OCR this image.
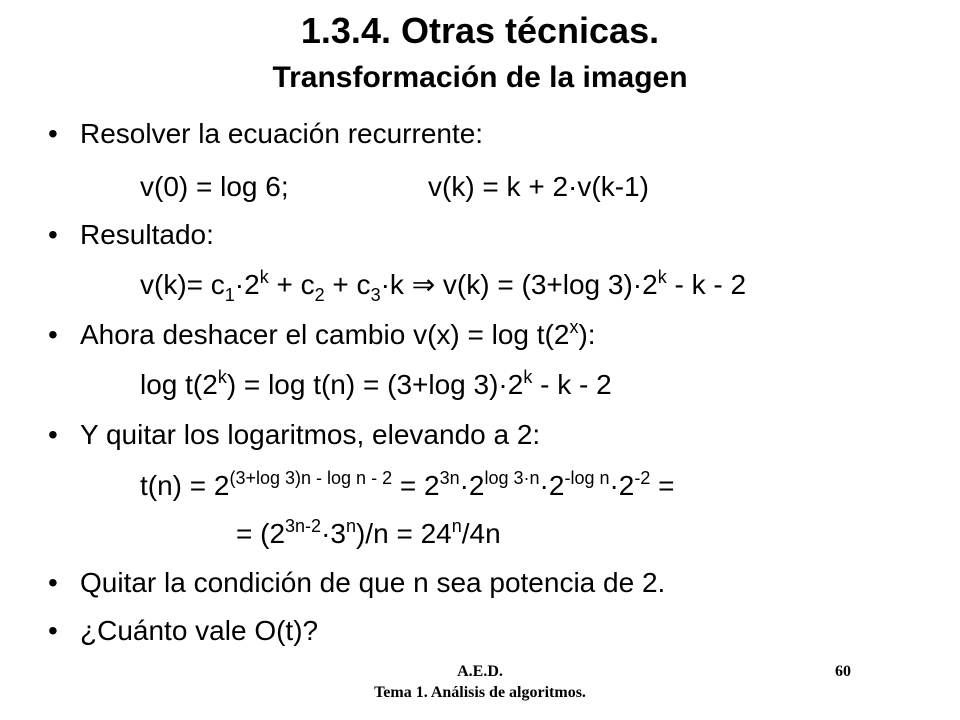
1.3.4. Otras técnicas.
Transformación de la imagen
• Resolver la ecuación recurrente:
v(0) = log 6;	v(k) = k + 2·v(k-1)
• Resultado:
$v(k)= c_1\cdot 2^k + c_2 + c_3\cdot k$ ⇒ v(k) = (3+log $3)\cdot 2^k - k - 2$
• Ahora deshacer el cambio v(x) = log t(2$^x$):
$\log t(2^k) = \log t(n) = (3+\log$ $3)\cdot 2^k - k - 2$
• Y quitar los logaritmos, elevando a 2:
$t(n) = 2^{(3+log 3)n - log n - 2} = 2^{3n}\cdot 2^{log 3\cdot n}\cdot 2^{-log n}\cdot 2^{-2}$ =
= $(2^{3n-2}\cdot 3^n)/n = 24^n/4n$
• Quitar la condición de que n sea potencia de 2.
• ¿Cuánto vale O(t)?
A.E.D.
Tema 1. Análisis de algoritmos.
60
